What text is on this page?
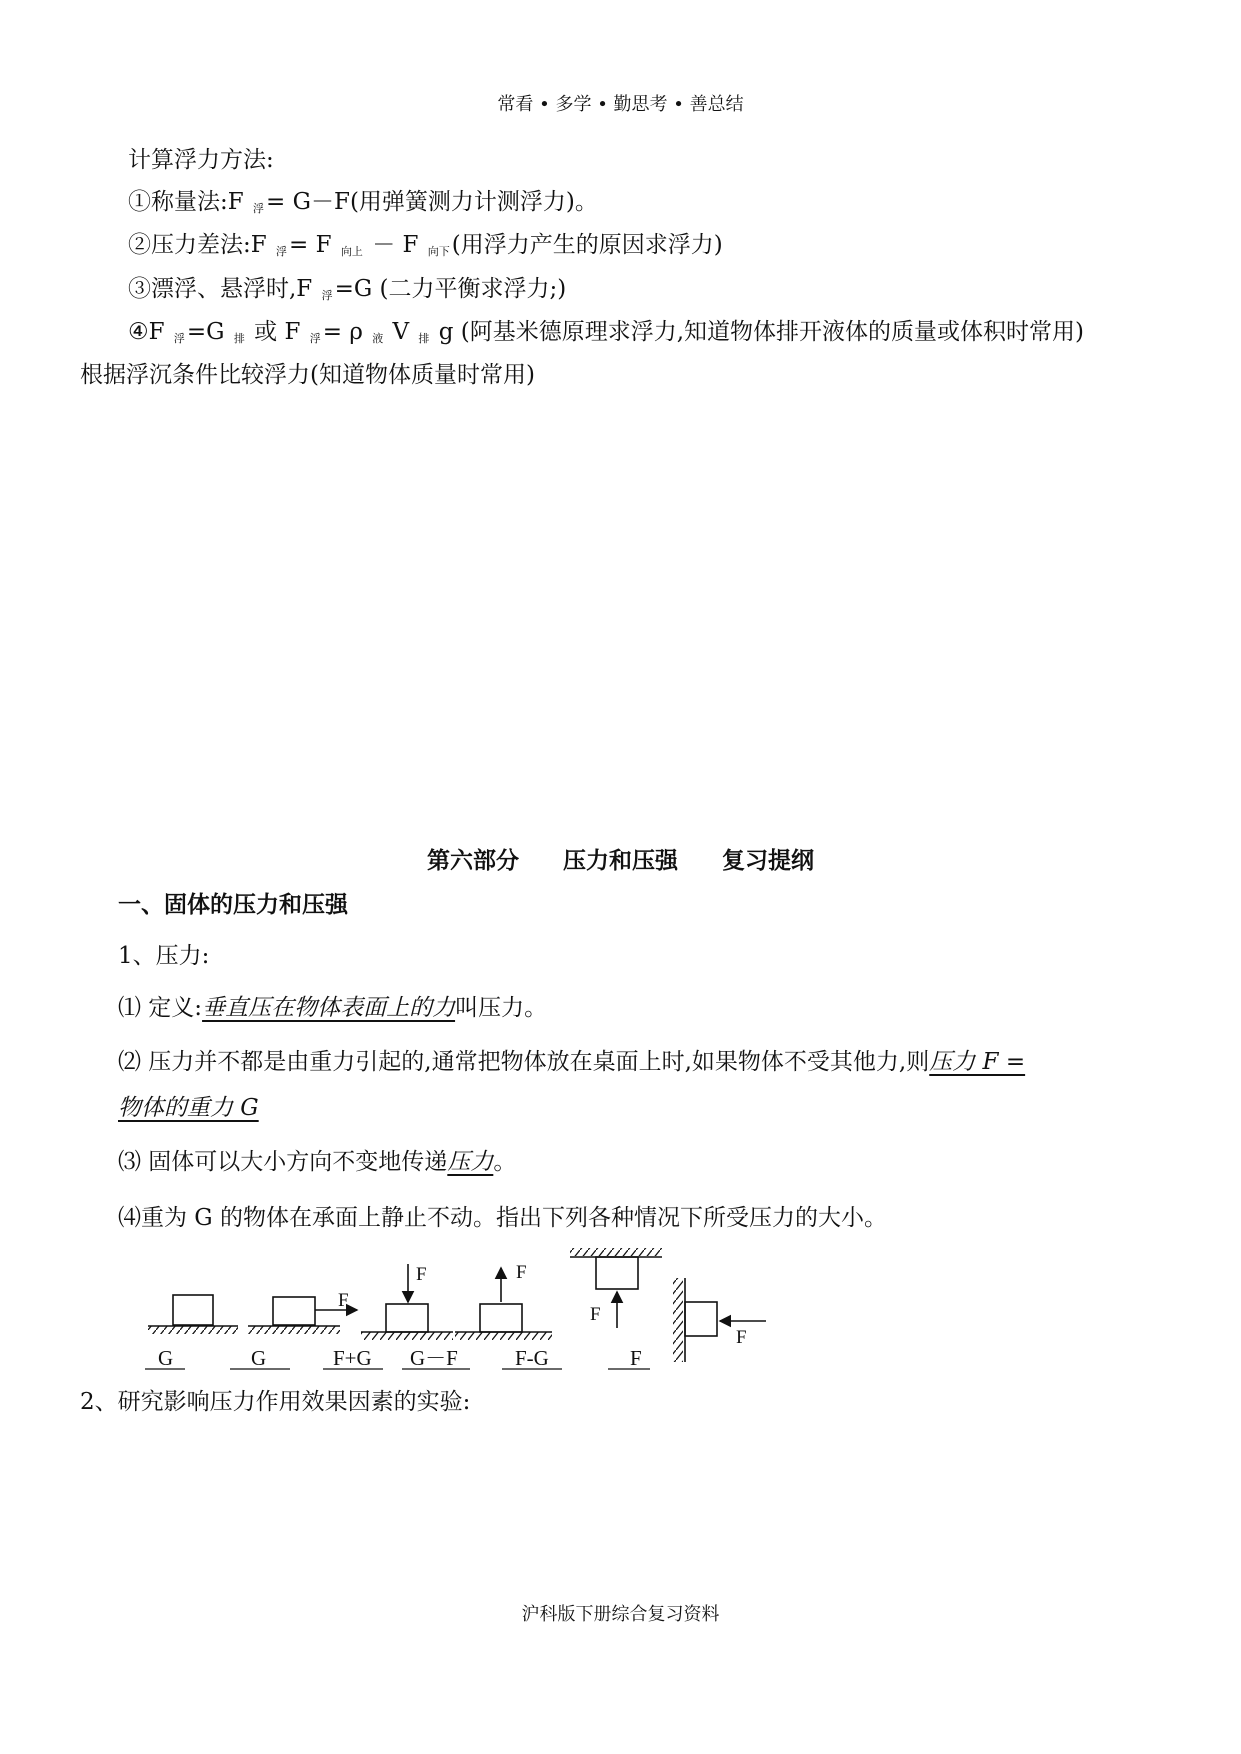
常看 • 多学 • 勤思考 • 善总结
计算浮力方法:
①称量法:F $_浮$= G－F(用弹簧测力计测浮力)。
②压力差法:F $_浮$= F $_{向上}$ － F $_{向下}$(用浮力产生的原因求浮力)
③漂浮、悬浮时,F $_浮$=G (二力平衡求浮力;)
④F $_浮$=G $_排$ 或 F $_浮$= ρ $_液$ V $_排$ g (阿基米德原理求浮力,知道物体排开液体的质量或体积时常用)
根据浮沉条件比较浮力(知道物体质量时常用)
第六部分 压力和压强 复习提纲
一、固体的压力和压强
1、压力:
⑴ 定义:垂直压在物体表面上的力叫压力。
⑵ 压力并不都是由重力引起的,通常把物体放在桌面上时,如果物体不受其他力,则压力 F =
物体的重力 G
⑶ 固体可以大小方向不变地传递压力。
⑷重为 G 的物体在承面上静止不动。指出下列各种情况下所受压力的大小。
F
F	F
F
F
G	G	F+G G－F	F-G	F
2、研究影响压力作用效果因素的实验:
沪科版下册综合复习资料
